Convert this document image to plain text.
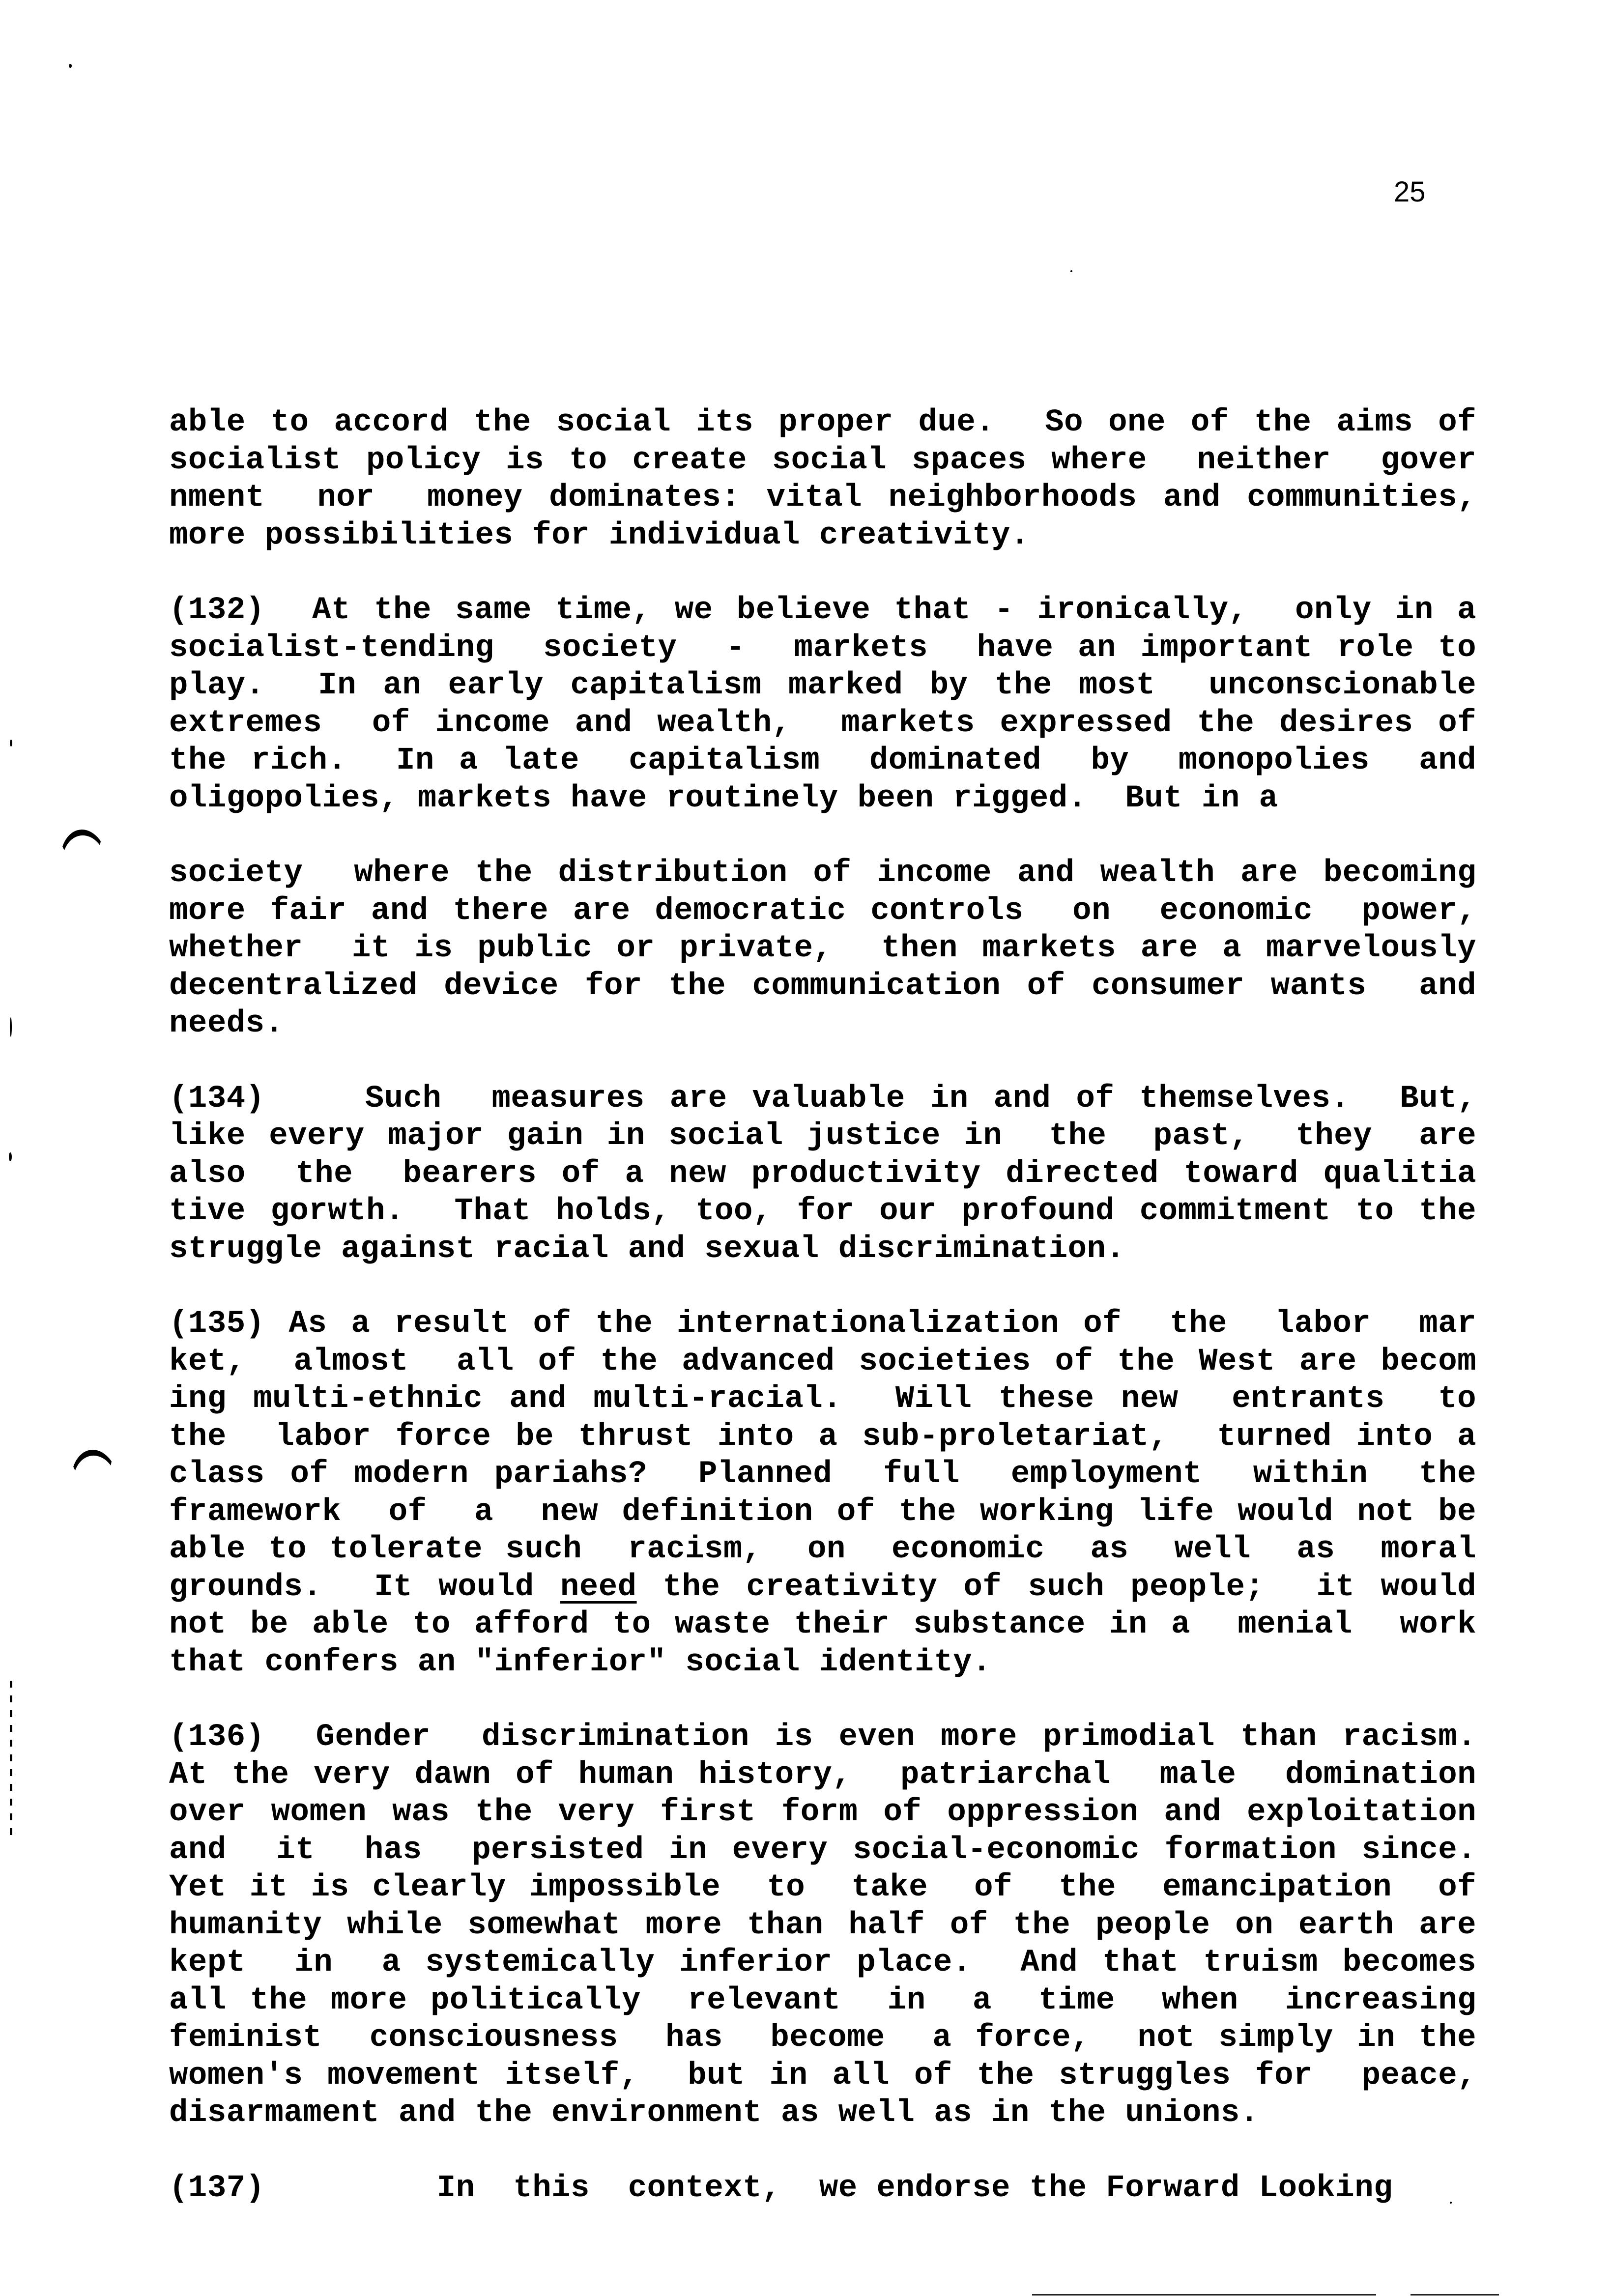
25
able to accord the social its proper due.  So one of the aims of
socialist policy is to create social spaces where  neither  gover
nment  nor  money dominates: vital neighborhoods and communities,
more possibilities for individual creativity.
(132)  At the same time, we believe that - ironically,  only in a
socialist-tending  society  -  markets  have an important role to
play.  In an early capitalism marked by the most  unconscionable
extremes  of income and wealth,  markets expressed the desires of
the rich.  In a late  capitalism  dominated  by  monopolies  and
oligopolies, markets have routinely been rigged.  But in a
society  where the distribution of income and wealth are becoming
more fair and there are democratic controls  on  economic  power,
whether  it is public or private,  then markets are a marvelously
decentralized device for the communication of consumer wants  and
needs.
(134)    Such  measures are valuable in and of themselves.  But,
like every major gain in social justice in  the  past,  they  are
also  the  bearers of a new productivity directed toward qualitia
tive gorwth.  That holds, too, for our profound commitment to the
struggle against racial and sexual discrimination.
(135) As a result of the internationalization of  the  labor  mar
ket,  almost  all of the advanced societies of the West are becom
ing multi-ethnic and multi-racial.  Will these new  entrants  to
the  labor force be thrust into a sub-proletariat,  turned into a
class of modern pariahs?  Planned  full  employment  within  the
framework  of  a  new definition of the working life would not be
able to tolerate such  racism,  on  economic  as  well  as  moral
grounds.  It would need the creativity of such people;  it would
not be able to afford to waste their substance in a  menial  work
that confers an "inferior" social identity.
(136)  Gender  discrimination is even more primodial than racism.
At the very dawn of human history,  patriarchal  male  domination
over women was the very first form of oppression and exploitation
and  it  has  persisted in every social-economic formation since.
Yet it is clearly impossible  to  take  of  the  emancipation  of
humanity while somewhat more than half of the people on earth are
kept  in  a systemically inferior place.  And that truism becomes
all the more politically  relevant  in  a  time  when  increasing
feminist  consciousness  has  become  a force,  not simply in the
women's movement itself,  but in all of the struggles for  peace,
disarmament and the environment as well as in the unions.
(137)         In  this  context,  we endorse the Forward Looking
